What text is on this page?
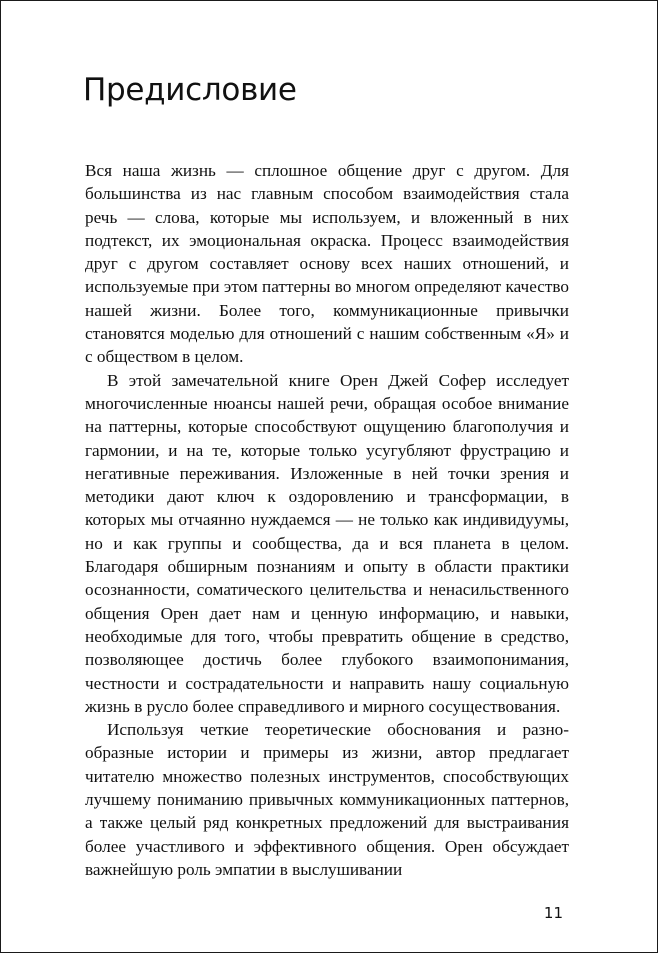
Предисловие

Вся наша жизнь — сплошное общение друг с другом. Для большинства из нас главным способом взаимодействия стала речь — слова, которые мы используем, и вложенный в них подтекст, их эмоциональная окраска. Процесс взаимодействия друг с другом составляет основу всех наших отношений, и используемые при этом паттерны во многом определяют качество нашей жизни. Более того, коммуникационные привычки становятся моделью для отношений с нашим собственным «Я» и с обществом в целом.

В этой замечательной книге Орен Джей Софер исследует многочисленные нюансы нашей речи, обращая особое внимание на паттерны, которые способствуют ощущению благополучия и гармонии, и на те, которые только усугубляют фрустрацию и негативные переживания. Изложенные в ней точки зрения и методики дают ключ к оздоровлению и трансформации, в которых мы отчаянно нуждаемся — не только как индивидуумы, но и как группы и сообщества, да и вся планета в целом. Благодаря обширным познаниям и опыту в области практики осознанности, соматического целительства и ненасильственного общения Орен дает нам и ценную информацию, и навыки, необходимые для того, чтобы превратить общение в средство, позволяющее достичь более глубокого взаимопонимания, честности и сострадательности и направить нашу социальную жизнь в русло более справедливого и мирного сосуществования.

Используя четкие теоретические обоснования и разнообразные истории и примеры из жизни, автор предлагает читателю множество полезных инструментов, способствующих лучшему пониманию привычных коммуникационных паттернов, а также целый ряд конкретных предложений для выстраивания более участливого и эффективного общения. Орен обсуждает важнейшую роль эмпатии в выслушивании

11
